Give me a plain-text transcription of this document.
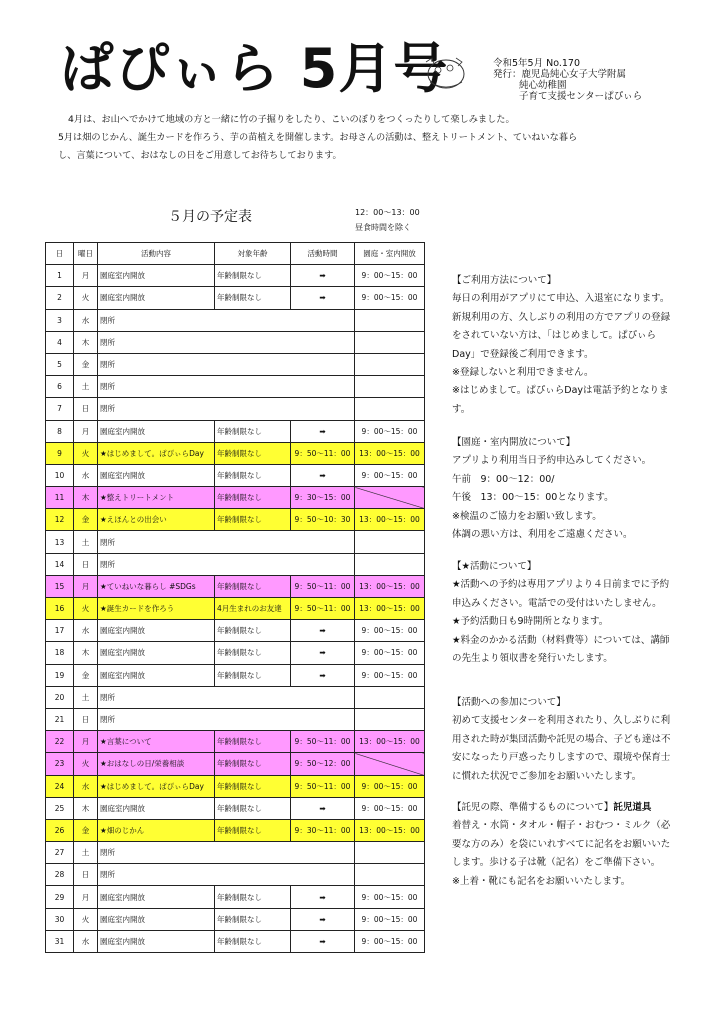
ぱぴぃら 5月号	令和5年5月 No.170
発行：鹿児島純心女子大学附属
純心幼稚園
子育て支援センターぱぴぃら

4月は、お山へでかけて地域の方と一緒に竹の子掘りをしたり、こいのぼりをつくったりして楽しみました。

5月は畑のじかん、誕生カードを作ろう、芋の苗植えを開催します。お母さんの活動は、整えトリートメント、ていねいな暮ら

し、言葉について、おはなしの日をご用意してお待ちしております。

５月の予定表	12：00〜13：00
昼食時間を除く
日	曜日	活動内容	対象年齢	活動時間	園庭・室内開放
1	月	園庭室内開放	年齢制限なし	➡	9：00〜15：00
2	火	園庭室内開放	年齢制限なし	➡	9：00〜15：00
3	水	閉所			
4	木	閉所			
5	金	閉所			
6	土	閉所			
7	日	閉所			
8	月	園庭室内開放	年齢制限なし	➡	9：00〜15：00
9	火	★はじめまして。ぱぴぃらDay	年齢制限なし	9：50〜11：00	13：00〜15：00
10	水	園庭室内開放	年齢制限なし	➡	9：00〜15：00
11	木	★整えトリートメント	年齢制限なし	9：30〜15：00	
12	金	★えほんとの出会い	年齢制限なし	9：50〜10：30	13：00〜15：00
13	土	閉所			
14	日	閉所			
15	月	★ていねいな暮らし #SDGs	年齢制限なし	9：50〜11：00	13：00〜15：00
16	火	★誕生カードを作ろう	4月生まれのお友達	9：50〜11：00	13：00〜15：00
17	水	園庭室内開放	年齢制限なし	➡	9：00〜15：00
18	木	園庭室内開放	年齢制限なし	➡	9：00〜15：00
19	金	園庭室内開放	年齢制限なし	➡	9：00〜15：00
20	土	閉所			
21	日	閉所			
22	月	★言葉について	年齢制限なし	9：50〜11：00	13：00〜15：00
23	火	★おはなしの日/栄養相談	年齢制限なし	9：50〜12：00	
24	水	★はじめまして。ぱぴぃらDay	年齢制限なし	9：50〜11：00	9：00〜15：00
25	木	園庭室内開放	年齢制限なし	➡	9：00〜15：00
26	金	★畑のじかん	年齢制限なし	9：30〜11：00	13：00〜15：00
27	土	閉所			
28	日	閉所			
29	月	園庭室内開放	年齢制限なし	➡	9：00〜15：00
30	火	園庭室内開放	年齢制限なし	➡	9：00〜15：00
31	水	園庭室内開放	年齢制限なし	➡	9：00〜15：00

【ご利用方法について】

毎日の利用がアプリにて申込、入退室になります。

新規利用の方、久しぶりの利用の方でアプリの登録

をされていない方は、「はじめまして。ぱぴぃら

Day」で登録後ご利用できます。

※登録しないと利用できません。

※はじめまして。ぱぴぃらDayは電話予約となりま

す。

【園庭・室内開放について】

アプリより利用当日予約申込みしてください。

午前　9：00〜12：00/

午後　13：00〜15：00となります。

※検温のご協力をお願い致します。

体調の悪い方は、利用をご遠慮ください。

【★活動について】

★活動への予約は専用アプリより４日前までに予約

申込みください。電話での受付はいたしません。

★予約活動日も9時開所となります。

★料金のかかる活動（材料費等）については、講師

の先生より領収書を発行いたします。

【活動への参加について】

初めて支援センターを利用されたり、久しぶりに利

用された時が集団活動や託児の場合、子ども達は不

安になったり戸惑ったりしますので、環境や保育士

に慣れた状況でご参加をお願いいたします。

【託児の際、準備するものについて】託児道具

着替え・水筒・タオル・帽子・おむつ・ミルク（必

要な方のみ）を袋にいれすべてに記名をお願いいた

します。歩ける子は靴（記名）をご準備下さい。

※上着・靴にも記名をお願いいたします。
